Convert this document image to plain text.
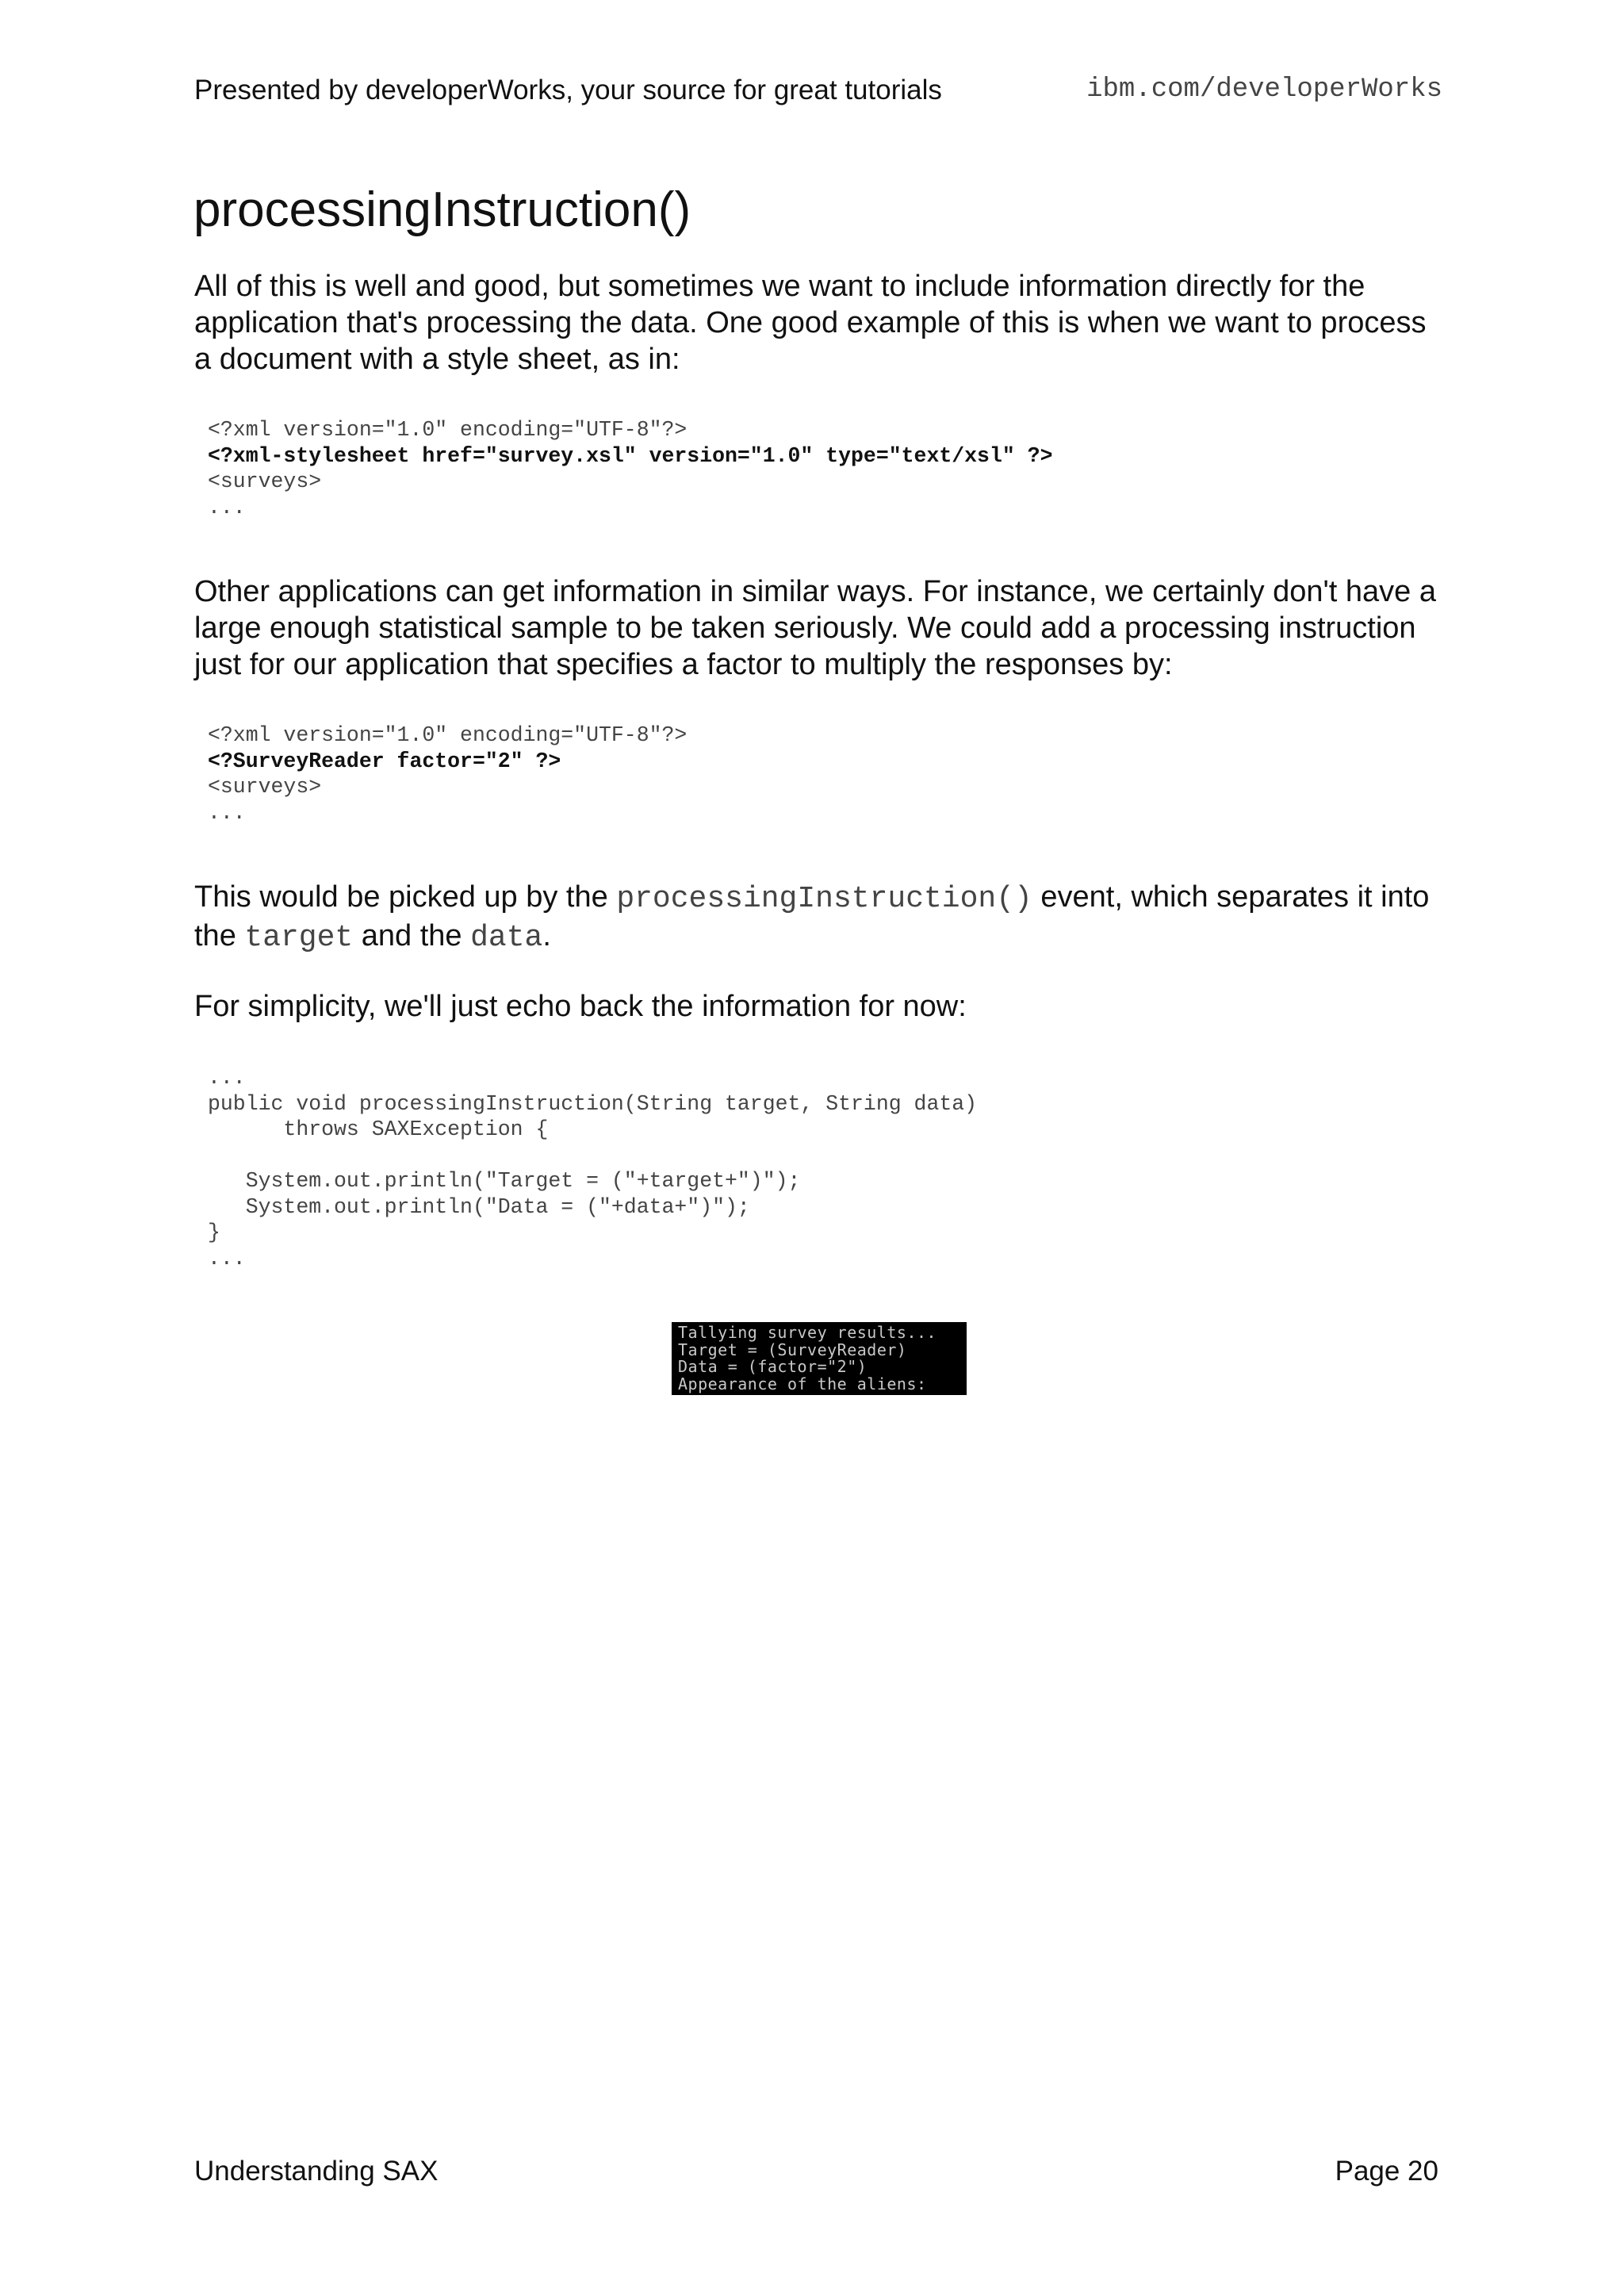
Presented by developerWorks, your source for great tutorials	ibm.com/developerWorks
processingInstruction()

All of this is well and good, but sometimes we want to include information directly for the application that's processing the data. One good example of this is when we want to process a document with a style sheet, as in:

<?xml version="1.0" encoding="UTF-8"?>
<?xml-stylesheet href="survey.xsl" version="1.0" type="text/xsl" ?>
<surveys>
...

Other applications can get information in similar ways. For instance, we certainly don't have a large enough statistical sample to be taken seriously. We could add a processing instruction just for our application that specifies a factor to multiply the responses by:

<?xml version="1.0" encoding="UTF-8"?>
<?SurveyReader factor="2" ?>
<surveys>
...

This would be picked up by the processingInstruction() event, which separates it into the target and the data.

For simplicity, we'll just echo back the information for now:

...
public void processingInstruction(String target, String data)
throws SAXException {

System.out.println("Target = ("+target+")");
System.out.println("Data = ("+data+")");
}
...
Tallying survey results...
Target = (SurveyReader)
Data = (factor="2")
Appearance of the aliens:
Understanding SAX	Page 20
